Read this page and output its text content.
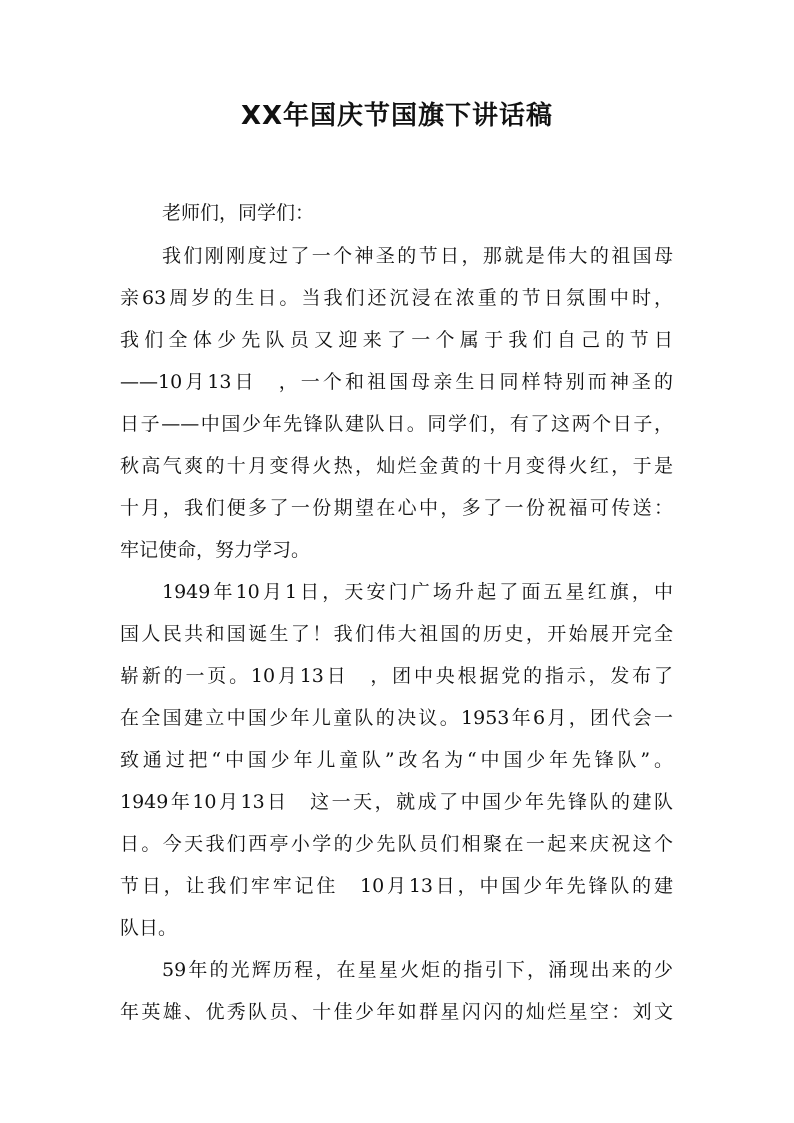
XX年国庆节国旗下讲话稿
老师们，同学们：
我们刚刚度过了一个神圣的节日，那就是伟大的祖国母
亲63周岁的生日。当我们还沉浸在浓重的节日氛围中时，
我们全体少先队员又迎来了一个属于我们自己的节日
——10月13日　，一个和祖国母亲生日同样特别而神圣的
日子——中国少年先锋队建队日。同学们，有了这两个日子，
秋高气爽的十月变得火热，灿烂金黄的十月变得火红，于是
十月，我们便多了一份期望在心中，多了一份祝福可传送：
牢记使命，努力学习。
1949年10月1日，天安门广场升起了面五星红旗，中
国人民共和国诞生了！我们伟大祖国的历史，开始展开完全
崭新的一页。10月13日　，团中央根据党的指示，发布了
在全国建立中国少年儿童队的决议。1953年6月，团代会一
致通过把“中国少年儿童队”改名为“中国少年先锋队”。
1949年10月13日　这一天，就成了中国少年先锋队的建队
日。今天我们西亭小学的少先队员们相聚在一起来庆祝这个
节日，让我们牢牢记住　10月13日，中国少年先锋队的建
队日。
59年的光辉历程，在星星火炬的指引下，涌现出来的少
年英雄、优秀队员、十佳少年如群星闪闪的灿烂星空：刘文
